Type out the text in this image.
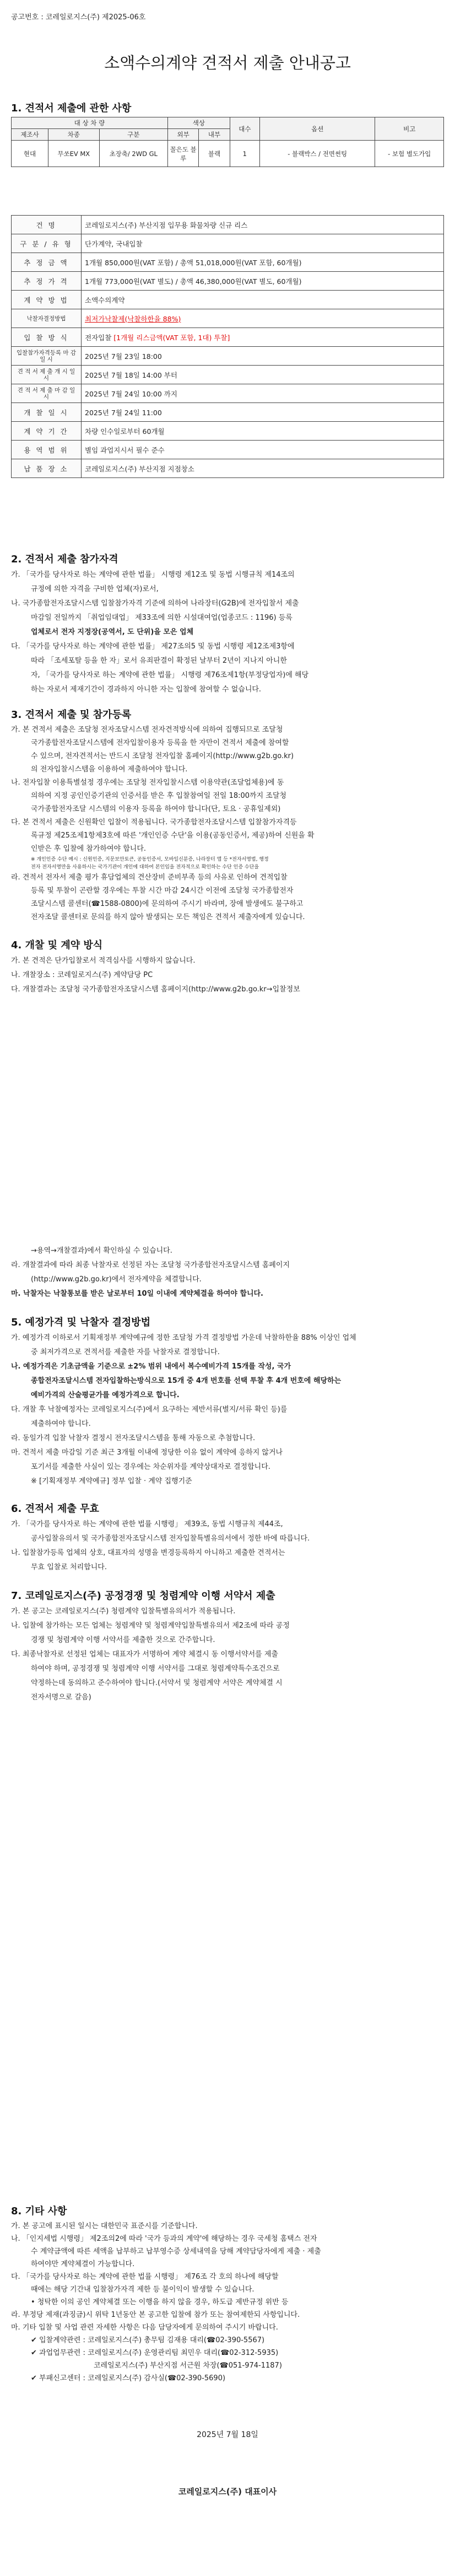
공고번호 : 코레일로지스(주) 제2025-06호
소액수의계약 견적서 제출 안내공고
1. 견적서 제출에 관한 사항
대 상 차 량			색상		대수	옵션	비고
제조사	차종	구분	외부	내부			
현대	무쏘EV MX	초장축/ 2WD GL	꼴은도 블루	블랙	1	- 블랙박스 / 전면썬팅	- 보험 별도가입
건 명	코레일로지스(주) 부산지점 입무용 화물차량 신규 리스
구 분 / 유 형	단가계약, 국내입찰
추 정 금 액	1개월 850,000원(VAT 포함) / 총액 51,018,000원(VAT 포함, 60개월)
추 정 가 격	1개월 773,000원(VAT 별도) / 총액 46,380,000원(VAT 별도, 60개월)
계 약 방 법	소액수의계약
낙찰자결정방법	최저가낙찰제(낙찰하한율 88%)
입 찰 방 식	전자입찰 [1개월 리스금액(VAT 포함, 1대) 투찰]
입찰참가자격등록 마 감 일 시	2025년 7월 23일 18:00
견 적 서 제 출 개 시 일 시	2025년 7월 18일 14:00 부터
견 적 서 제 출 마 감 일 시	2025년 7월 24일 10:00 까지
개 찰 일 시	2025년 7월 24일 11:00
계 약 기 간	차량 인수일로부터 60개월
용 역 범 위	별임 과업지시서 필수 준수
납 품 장 소	코레일로지스(주) 부산지점 지점창소
2. 견적서 제출 참가자격
가. 「국가를 당사자로 하는 계약에 관한 법률」 시행령 제12조 및 동법 시행규칙 제14조의
규정에 의한 자격을 구비한 업체(자)로서,
나. 국가종합전자조달시스템 입찰참가자격 기준에 의하여 나라장터(G2B)에 전자입찰서 제출
마감일 전일까지 「취업임대업」 제33조에 의한 시설대여업(업종코드 : 1196) 등록
업체로서 전자 지정장(공역서, 도 단위)을 모은 업체
다. 「국가를 당사자로 하는 계약에 관한 법률」 제27조의5 및 동법 시행령 제12조제3항에
따라 「조세포탈 등을 한 자」로서 유죄판결이 확정된 날부터 2년이 지나지 아니한
자, 「국가를 당사자로 하는 계약에 관한 법률」 시행령 제76조제1항(부정당업자)에 해당
하는 자로서 제재기간이 경과하지 아니한 자는 입찰에 참여할 수 없습니다.
3. 견적서 제출 및 참가등록
가. 본 견적서 제출은 조달청 전자조달시스템 전자견적방식에 의하여 집행되므로 조달청
국가종합전자조달시스템에 전자입찰이용자 등록을 한 자만이 견적서 제출에 참여할
수 있으며, 전자견적서는 반드시 조달청 전자입찰 홈페이지(http://www.g2b.go.kr)
의 전자입찰시스템을 이용하여 제출하여야 합니다.
나. 전자입찰 이용특별설정 경우에는 조달청 전자입찰시스템 이용약관(조달업체용)에 동
의하여 지정 공인인증기관의 인증서를 받은 후 입찰참여일 전일 18:00까지 조달청
국가종합전자조달 시스템의 이용자 등록을 하여야 합니다(단, 토요 · 공휴일제외)
다. 본 견적서 제출은 신원확인 입찰이 적용됩니다. 국가종합전자조달시스템 입찰참가자격등
록규정 제25조제1항제3호에 따른 '개인인증 수단'을 이용(공동인증서, 제공)하여 신원을 확
인받은 후 입찰에 참가하여야 합니다.
※ 개인인증 수단 예시 : 신원인증, 지문보안토큰, 공동인증서, 모바일신분증, 나라장터 앱 등 *전자서명법, 행정
전자 전자서명만을 사용하시는 국가기관이 개인에 대하여 본인임을 전자적으로 확인하는 수단 인증 수단을
라. 견적서 전자서 제출 평가 휴담업체의 견산장비 준비부족 등의 사유로 인하여 견적입찰
등록 및 투찰이 곤란할 경우에는 투찰 시간 마감 24시간 이전에 조달청 국가종합전자
조달시스템 콜센터(☎1588-0800)에 문의하여 주시기 바라며, 장애 발생에도 불구하고
전자조달 콜센터로 문의를 하지 않아 발생되는 모든 책임은 견적서 제출자에게 있습니다.
4. 개찰 및 계약 방식
가. 본 견적은 단가입찰로서 적격심사를 시행하지 않습니다.
나. 개찰장소 : 코레일로지스(주) 계약담당 PC
다. 개찰결과는 조달청 국가종합전자조달시스템 홈페이지(http://www.g2b.go.kr→입찰정보
→용역→개찰결과)에서 확인하실 수 있습니다.
라. 개찰결과에 따라 최종 낙찰자로 선정된 자는 조달청 국가종합전자조달시스템 홈페이지
(http://www.g2b.go.kr)에서 전자계약을 체결합니다.
마. 낙찰자는 낙찰통보를 받은 날로부터 10일 이내에 계약체결을 하여야 합니다.
5. 예정가격 및 낙찰자 결정방법
가. 예정가격 이하로서 기획재정부 계약예규에 정한 조달청 가격 결정방법 가운데 낙찰하한율 88% 이상인 업체
중 최저가격으로 견적서를 제출한 자를 낙찰자로 결정합니다.
나. 예정가격은 기초금액을 기준으로 ±2% 범위 내에서 복수예비가격 15개를 작성, 국가
종합전자조달시스템 전자입찰하는방식으로 15개 중 4개 번호를 선택 투찰 후 4개 번호에 해당하는
예비가격의 산술평균가를 예정가격으로 합니다.
다. 개찰 후 낙찰예정자는 코레일로지스(주)에서 요구하는 제반서류(별지/서류 확인 등)를
제출하여야 합니다.
라. 동일가격 입찰 낙찰자 결정시 전자조달시스템을 통해 자동으로 추첨합니다.
마. 견적서 제출 마감일 기준 최근 3개월 이내에 정당한 이유 없이 계약에 응하지 않거나
포기서를 제출한 사실이 있는 경우에는 차순위자를 계약상대자로 결정합니다.
※ [기획재정부 계약예규] 정부 입찰 · 계약 집행기준
6. 견적서 제출 무효
가. 「국가를 당사자로 하는 계약에 관한 법률 시행령」 제39조, 동법 시행규칙 제44조,
공사입찰유의서 및 국가종합전자조달시스템 전자입찰특별유의서에서 정한 바에 따릅니다.
나. 입찰참가등록 업체의 상호, 대표자의 성명을 변경등록하지 아니하고 제출한 견적서는
무효 입찰로 처리합니다.
7. 코레일로지스(주) 공정경쟁 및 청렴계약 이행 서약서 제출
가. 본 공고는 코레일로지스(주) 청렴계약 입찰특별유의서가 적용됩니다.
나. 입찰에 참가하는 모든 업체는 청렴계약 및 청렴계약입찰특별유의서 제2조에 따라 공정
경쟁 및 청렴계약 이행 서약서를 제출한 것으로 간주합니다.
다. 최종낙찰자로 선정된 업체는 대표자가 서명하여 계약 체결시 동 이행서약서를 제출
하여야 하며, 공정경쟁 및 청렴계약 이행 서약서를 그대로 청렴계약특수조건으로
약정하는데 동의하고 준수하여야 합니다.(서약서 및 청렴계약 서약은 계약체결 시
전자서명으로 갈음)
8. 기타 사항
가. 본 공고에 표시된 일시는 대한민국 표준시를 기준합니다.
나. 「인지세법 시행령」 제2조의2에 따라 '국가 등과의 계약'에 해당하는 경우 국세청 홈택스 전자
수 계약금액에 따른 세액을 납부하고 납부영수증 상세내역을 당해 계약담당자에게 제출 · 제출
하여야만 계약체결이 가능합니다.
다. 「국가를 당사자로 하는 계약에 관한 법률 시행령」 제76조 각 호의 하나에 해당할
때에는 해당 기간내 입찰참가자격 제한 등 불이익이 발생할 수 있습니다.
• 청탁한 이의 공인 계약체결 또는 이행을 하지 않을 경우, 하도급 제반규정 위반 등
라. 부정당 제재(과징금)시 위탁 1년동안 본 공고한 입찰에 참가 또는 참여제한되 사항입니다.
마. 기타 입찰 및 사업 관련 자세한 사항은 다음 담당자에게 문의하여 주시기 바랍니다.
✔ 입찰계약관련 : 코레일로지스(주) 총무팀 김재용 대리(☎02-390-5567)
✔ 과업업무관련 : 코레일로지스(주) 운영관리팀 최민우 대리(☎02-312-5935)
코레일로지스(주) 부산지점 서근원 차장(☎051-974-1187)
✔ 부패신고센터 : 코레일로지스(주) 감사실(☎02-390-5690)
2025년 7월 18일
코레일로지스(주) 대표이사
